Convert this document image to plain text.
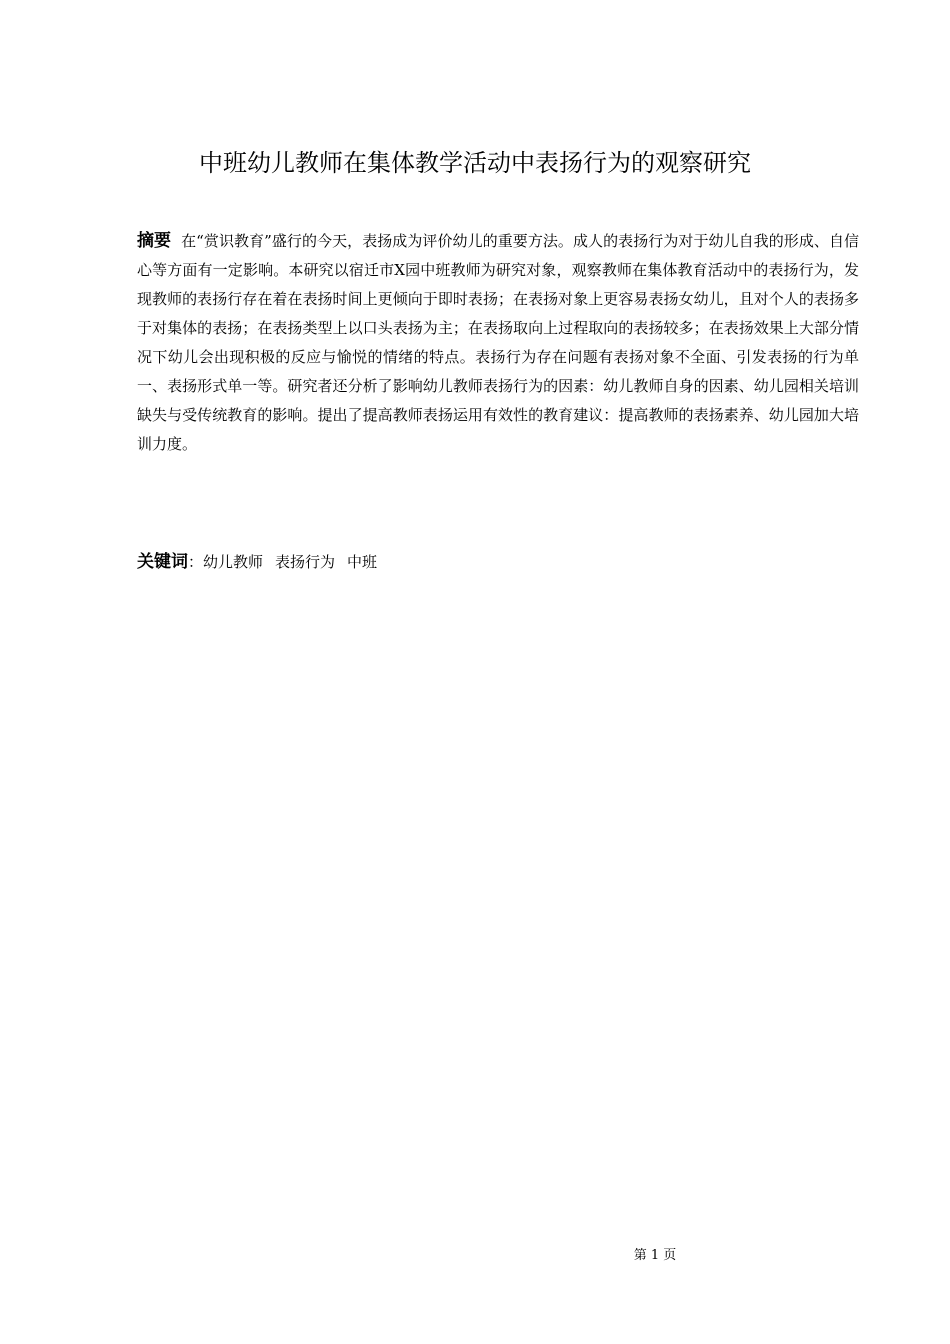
中班幼儿教师在集体教学活动中表扬行为的观察研究

摘要 在“赏识教育”盛行的今天，表扬成为评价幼儿的重要方法。成人的表扬行为对于幼儿自我的形成、自信心等方面有一定影响。本研究以宿迁市X园中班教师为研究对象，观察教师在集体教育活动中的表扬行为，发现教师的表扬行存在着在表扬时间上更倾向于即时表扬；在表扬对象上更容易表扬女幼儿，且对个人的表扬多于对集体的表扬；在表扬类型上以口头表扬为主；在表扬取向上过程取向的表扬较多；在表扬效果上大部分情况下幼儿会出现积极的反应与愉悦的情绪的特点。表扬行为存在问题有表扬对象不全面、引发表扬的行为单一、表扬形式单一等。研究者还分析了影响幼儿教师表扬行为的因素：幼儿教师自身的因素、幼儿园相关培训缺失与受传统教育的影响。提出了提高教师表扬运用有效性的教育建议：提高教师的表扬素养、幼儿园加大培训力度。

关键词：幼儿教师 表扬行为 中班

第 1 页
